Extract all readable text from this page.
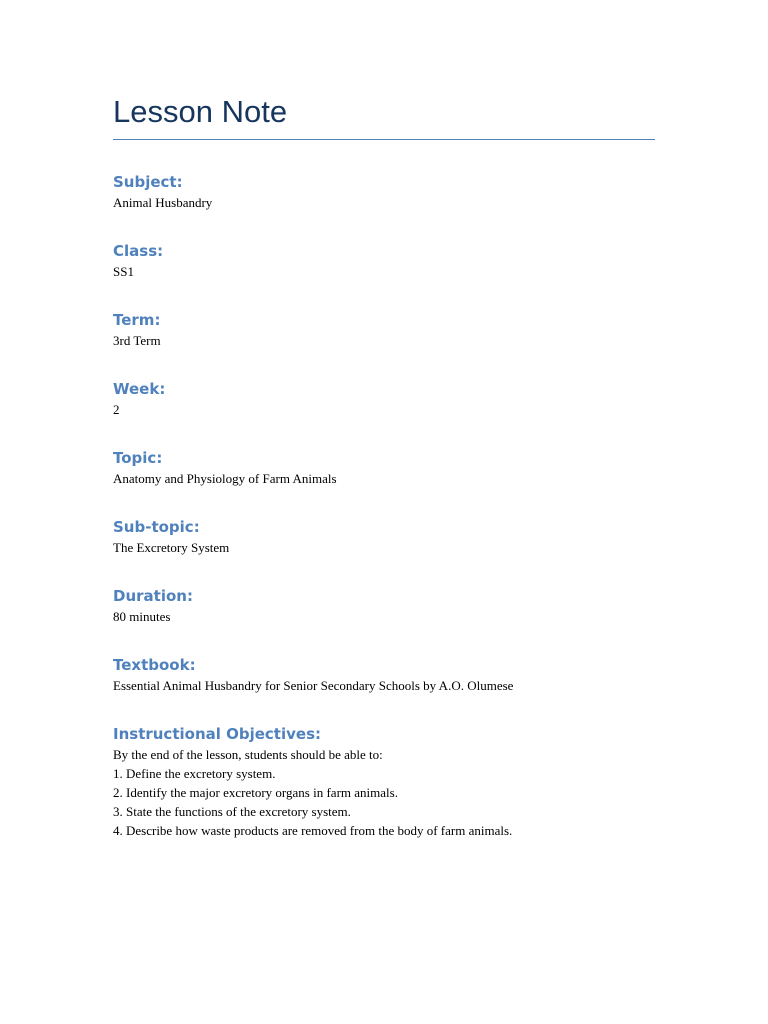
Lesson Note
Subject:

Animal Husbandry

Class:

SS1

Term:

3rd Term

Week:

2

Topic:

Anatomy and Physiology of Farm Animals

Sub-topic:

The Excretory System

Duration:

80 minutes

Textbook:

Essential Animal Husbandry for Senior Secondary Schools by A.O. Olumese

Instructional Objectives:

By the end of the lesson, students should be able to:

1. Define the excretory system.
2. Identify the major excretory organs in farm animals.
3. State the functions of the excretory system.
4. Describe how waste products are removed from the body of farm animals.
